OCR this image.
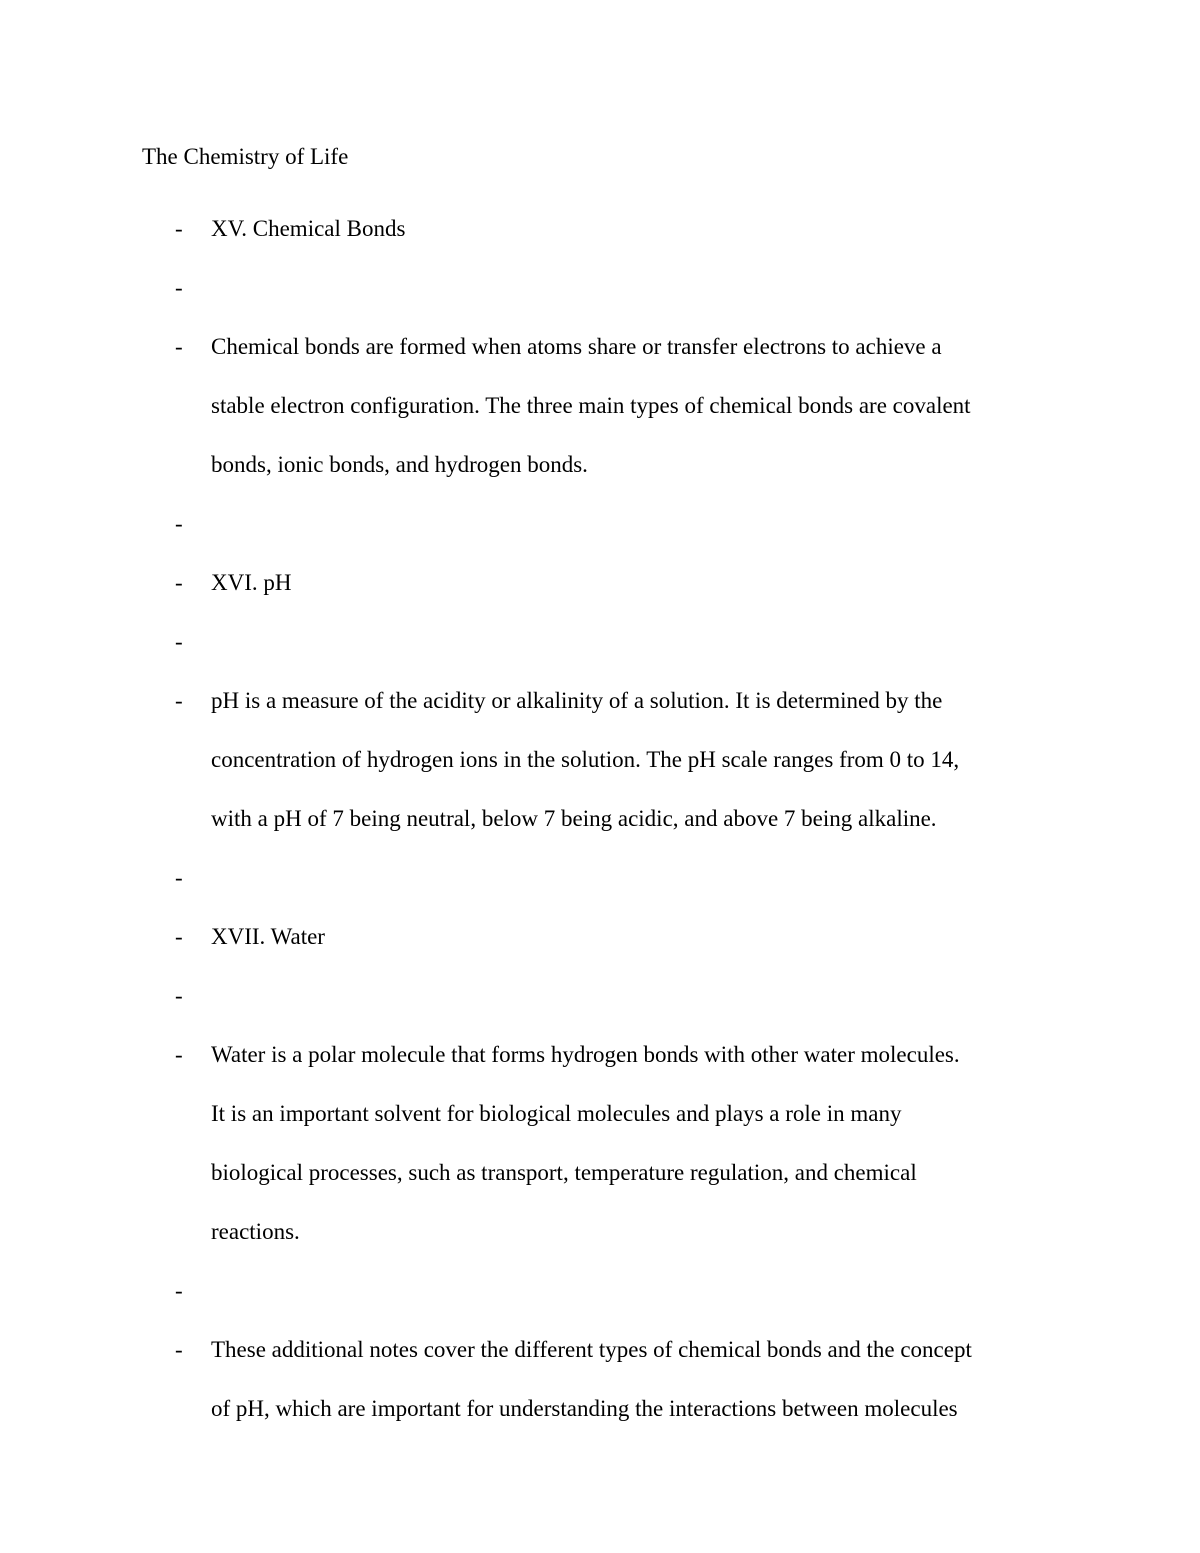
The Chemistry of Life
- XV. Chemical Bonds
-
- Chemical bonds are formed when atoms share or transfer electrons to achieve a
stable electron configuration. The three main types of chemical bonds are covalent
bonds, ionic bonds, and hydrogen bonds.
-
- XVI. pH
-
- pH is a measure of the acidity or alkalinity of a solution. It is determined by the
concentration of hydrogen ions in the solution. The pH scale ranges from 0 to 14,
with a pH of 7 being neutral, below 7 being acidic, and above 7 being alkaline.
-
- XVII. Water
-
- Water is a polar molecule that forms hydrogen bonds with other water molecules.
It is an important solvent for biological molecules and plays a role in many
biological processes, such as transport, temperature regulation, and chemical
reactions.
-
- These additional notes cover the different types of chemical bonds and the concept
of pH, which are important for understanding the interactions between molecules
